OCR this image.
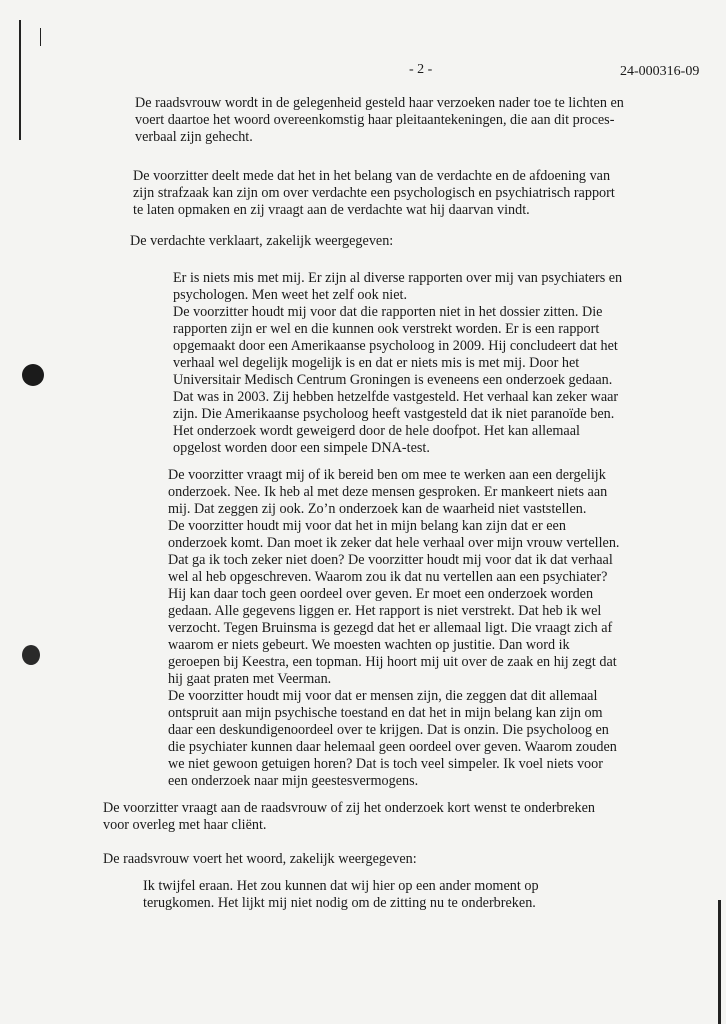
- 2 -	24-000316-09

De raadsvrouw wordt in de gelegenheid gesteld haar verzoeken nader toe te lichten en
voert daartoe het woord overeenkomstig haar pleitaantekeningen, die aan dit proces-
verbaal zijn gehecht.

De voorzitter deelt mede dat het in het belang van de verdachte en de afdoening van
zijn strafzaak kan zijn om over verdachte een psychologisch en psychiatrisch rapport
te laten opmaken en zij vraagt aan de verdachte wat hij daarvan vindt.

De verdachte verklaart, zakelijk weergegeven:

Er is niets mis met mij. Er zijn al diverse rapporten over mij van psychiaters en
psychologen. Men weet het zelf ook niet.
De voorzitter houdt mij voor dat die rapporten niet in het dossier zitten. Die
rapporten zijn er wel en die kunnen ook verstrekt worden. Er is een rapport
opgemaakt door een Amerikaanse psycholoog in 2009. Hij concludeert dat het
verhaal wel degelijk mogelijk is en dat er niets mis is met mij. Door het
Universitair Medisch Centrum Groningen is eveneens een onderzoek gedaan.
Dat was in 2003. Zij hebben hetzelfde vastgesteld. Het verhaal kan zeker waar
zijn. Die Amerikaanse psycholoog heeft vastgesteld dat ik niet paranoïde ben.
Het onderzoek wordt geweigerd door de hele doofpot. Het kan allemaal
opgelost worden door een simpele DNA-test.

De voorzitter vraagt mij of ik bereid ben om mee te werken aan een dergelijk
onderzoek. Nee. Ik heb al met deze mensen gesproken. Er mankeert niets aan
mij. Dat zeggen zij ook. Zo’n onderzoek kan de waarheid niet vaststellen.
De voorzitter houdt mij voor dat het in mijn belang kan zijn dat er een
onderzoek komt. Dan moet ik zeker dat hele verhaal over mijn vrouw vertellen.
Dat ga ik toch zeker niet doen? De voorzitter houdt mij voor dat ik dat verhaal
wel al heb opgeschreven. Waarom zou ik dat nu vertellen aan een psychiater?
Hij kan daar toch geen oordeel over geven. Er moet een onderzoek worden
gedaan. Alle gegevens liggen er. Het rapport is niet verstrekt. Dat heb ik wel
verzocht. Tegen Bruinsma is gezegd dat het er allemaal ligt. Die vraagt zich af
waarom er niets gebeurt. We moesten wachten op justitie. Dan word ik
geroepen bij Keestra, een topman. Hij hoort mij uit over de zaak en hij zegt dat
hij gaat praten met Veerman.
De voorzitter houdt mij voor dat er mensen zijn, die zeggen dat dit allemaal
ontspruit aan mijn psychische toestand en dat het in mijn belang kan zijn om
daar een deskundigenoordeel over te krijgen. Dat is onzin. Die psycholoog en
die psychiater kunnen daar helemaal geen oordeel over geven. Waarom zouden
we niet gewoon getuigen horen? Dat is toch veel simpeler. Ik voel niets voor
een onderzoek naar mijn geestesvermogens.

De voorzitter vraagt aan de raadsvrouw of zij het onderzoek kort wenst te onderbreken
voor overleg met haar cliënt.

De raadsvrouw voert het woord, zakelijk weergegeven:

Ik twijfel eraan. Het zou kunnen dat wij hier op een ander moment op
terugkomen. Het lijkt mij niet nodig om de zitting nu te onderbreken.
